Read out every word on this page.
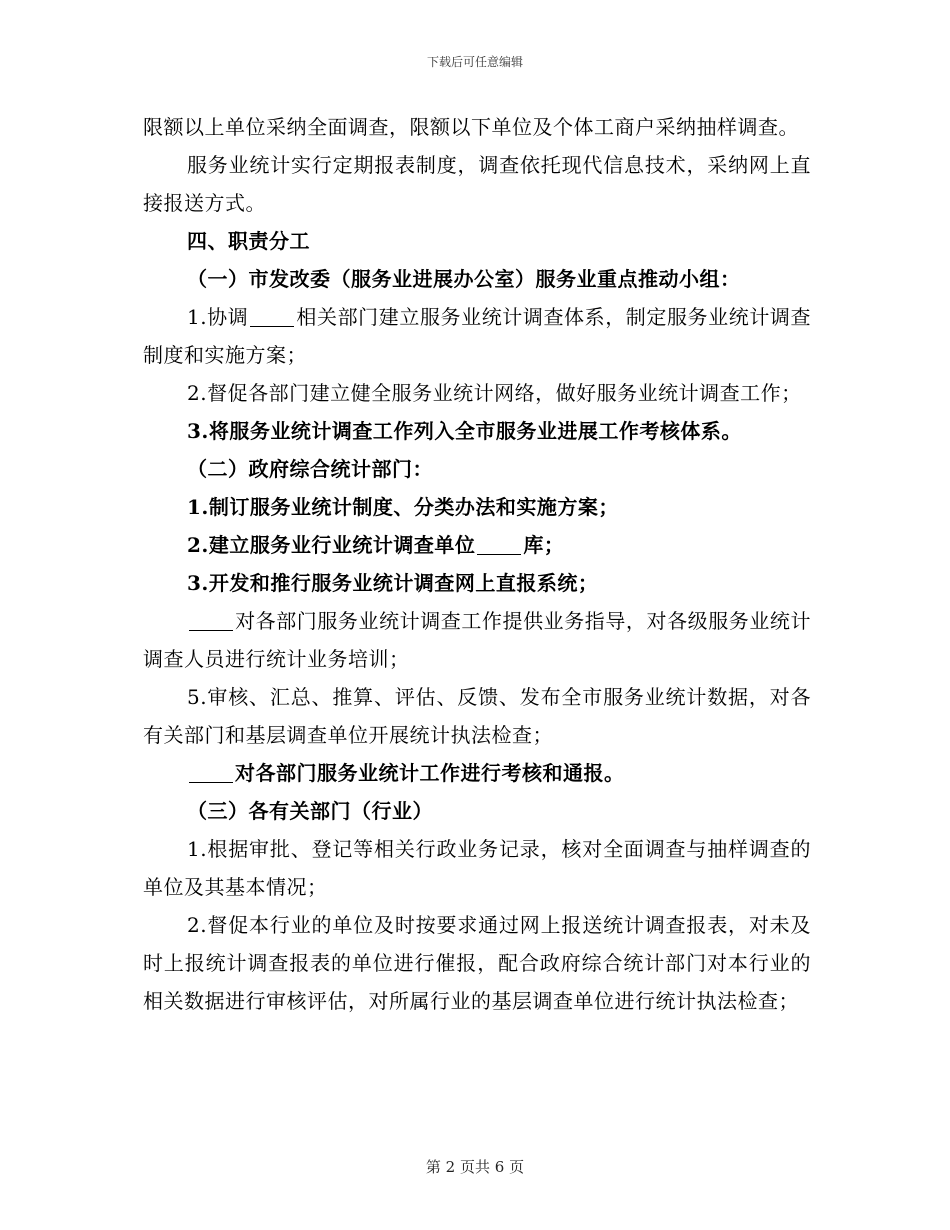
下载后可任意编辑

限额以上单位采纳全面调查，限额以下单位及个体工商户采纳抽样调查。

服务业统计实行定期报表制度，调查依托现代信息技术，采纳网上直接报送方式。

四、职责分工

（一）市发改委（服务业进展办公室）服务业重点推动小组：

1.协调 相关部门建立服务业统计调查体系，制定服务业统计调查制度和实施方案；

2.督促各部门建立健全服务业统计网络，做好服务业统计调查工作；

3.将服务业统计调查工作列入全市服务业进展工作考核体系。

（二）政府综合统计部门：

1.制订服务业统计制度、分类办法和实施方案；

2.建立服务业行业统计调查单位 库；

3.开发和推行服务业统计调查网上直报系统；

对各部门服务业统计调查工作提供业务指导，对各级服务业统计调查人员进行统计业务培训；

5.审核、汇总、推算、评估、反馈、发布全市服务业统计数据，对各有关部门和基层调查单位开展统计执法检查；

对各部门服务业统计工作进行考核和通报。

（三）各有关部门（行业）

1.根据审批、登记等相关行政业务记录，核对全面调查与抽样调查的单位及其基本情况；

2.督促本行业的单位及时按要求通过网上报送统计调查报表，对未及时上报统计调查报表的单位进行催报，配合政府综合统计部门对本行业的相关数据进行审核评估，对所属行业的基层调查单位进行统计执法检查；

第 2 页共 6 页
